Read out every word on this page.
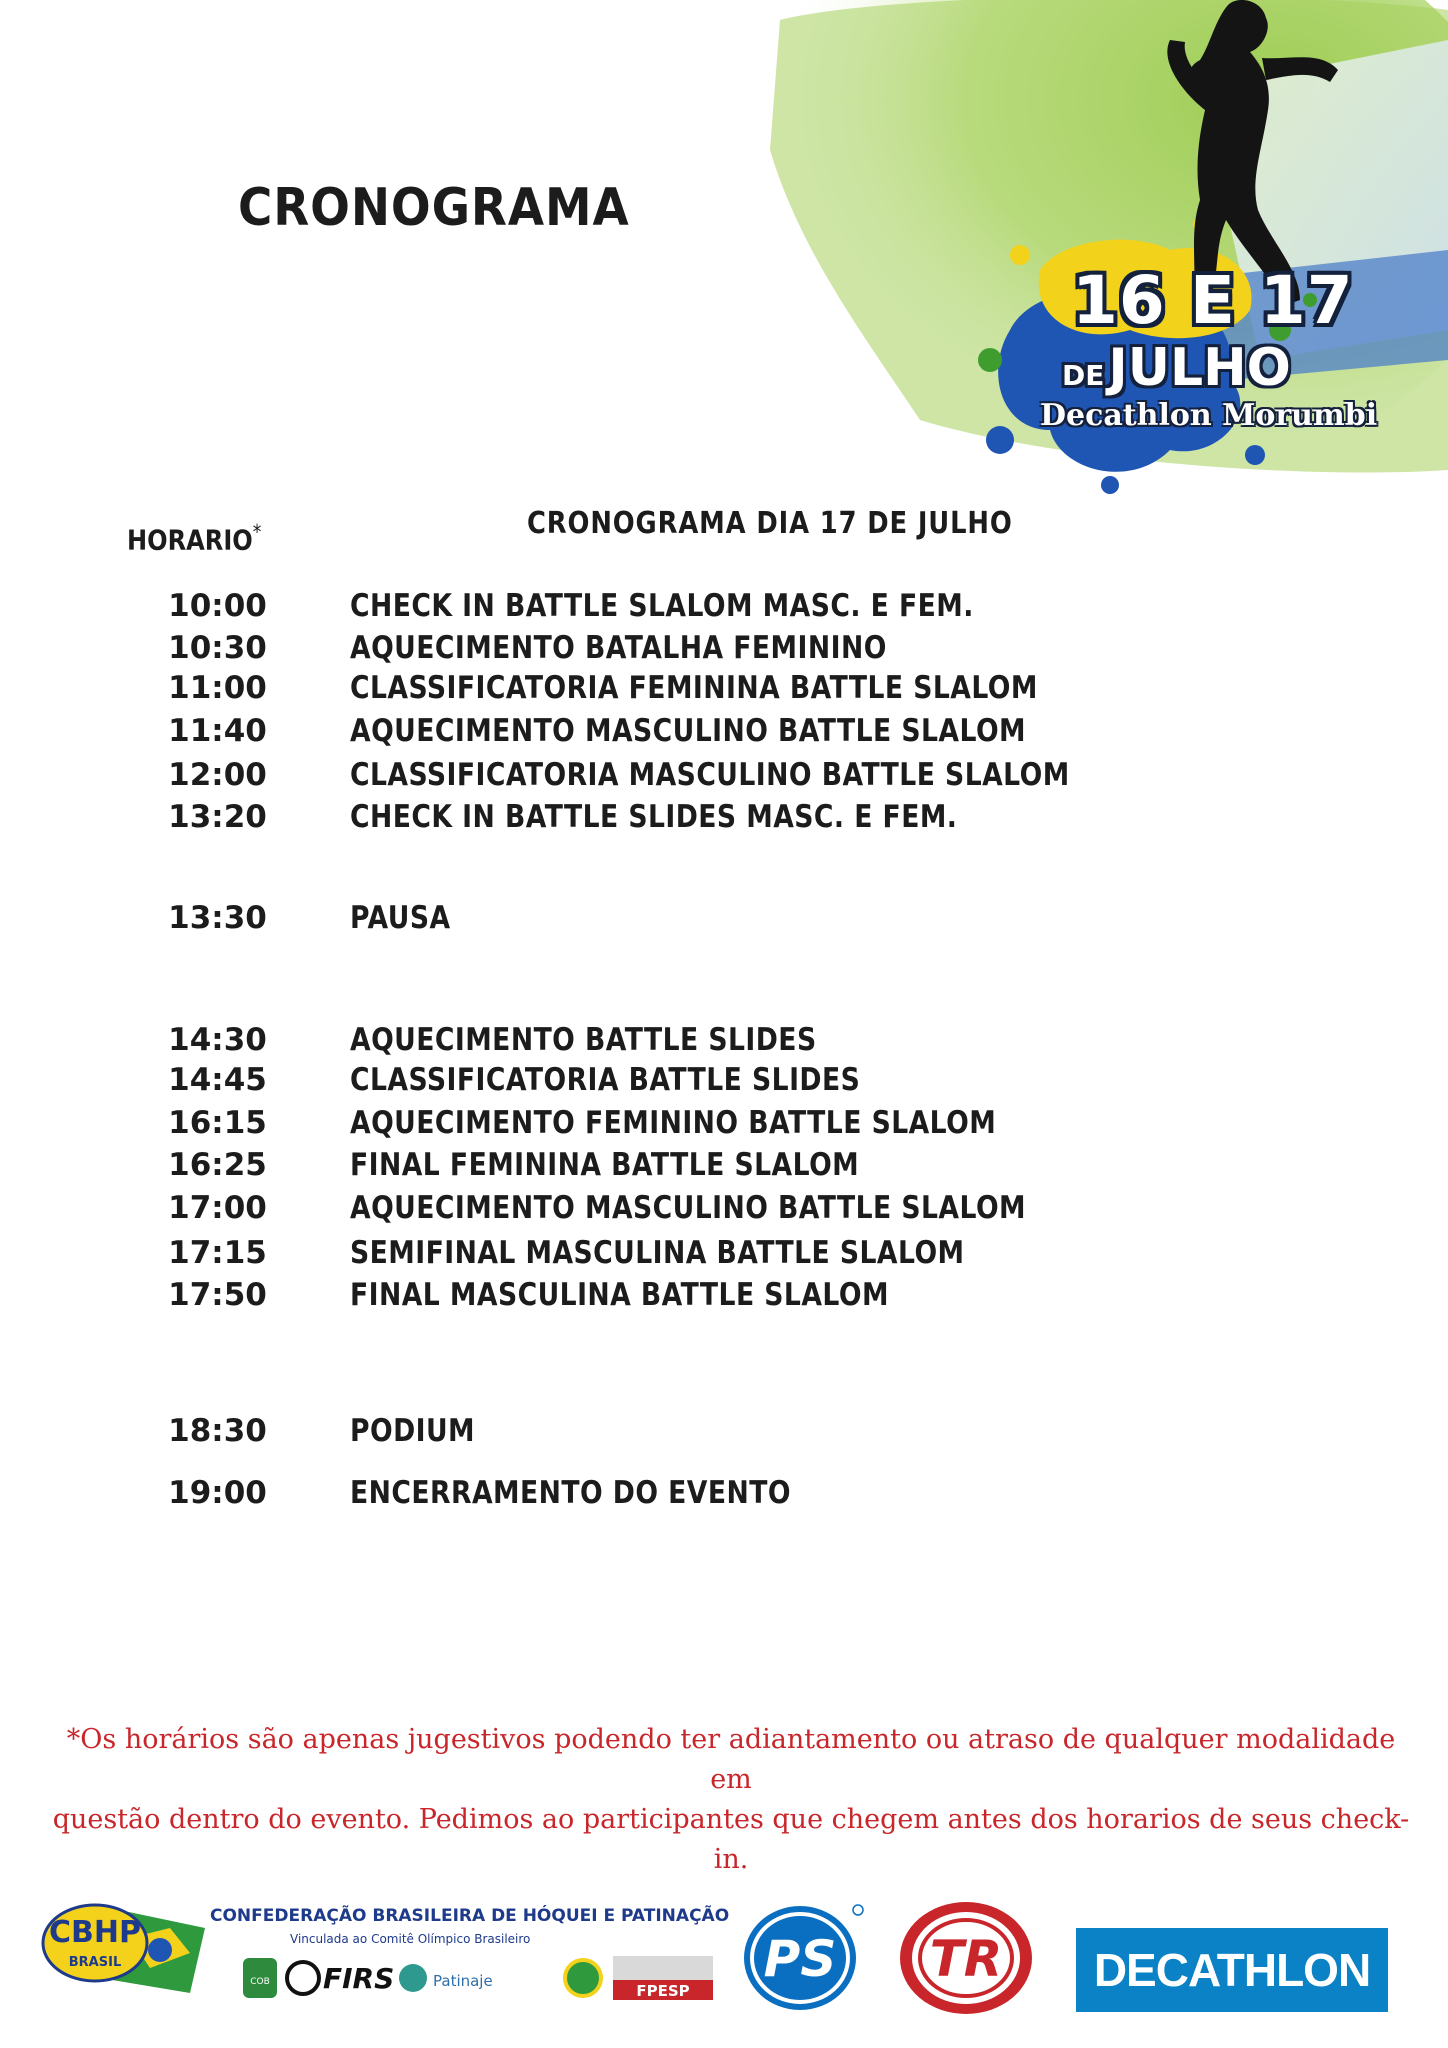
16 E 17
DEJULHO
Decathlon Morumbi
CRONOGRAMA
HORARIO*	CRONOGRAMA DIA 17 DE JULHO
10:00	CHECK IN BATTLE SLALOM MASC. E FEM.
10:30	AQUECIMENTO BATALHA FEMININO
11:00	CLASSIFICATORIA FEMININA BATTLE SLALOM
11:40	AQUECIMENTO MASCULINO BATTLE SLALOM
12:00	CLASSIFICATORIA MASCULINO BATTLE SLALOM
13:20	CHECK IN BATTLE SLIDES MASC. E FEM.
13:30	PAUSA
14:30	AQUECIMENTO BATTLE SLIDES
14:45	CLASSIFICATORIA BATTLE SLIDES
16:15	AQUECIMENTO FEMININO BATTLE SLALOM
16:25	FINAL FEMININA BATTLE SLALOM
17:00	AQUECIMENTO MASCULINO BATTLE SLALOM
17:15	SEMIFINAL MASCULINA BATTLE SLALOM
17:50	FINAL MASCULINA BATTLE SLALOM
18:30	PODIUM
19:00	ENCERRAMENTO DO EVENTO
*Os horários são apenas jugestivos podendo ter adiantamento ou atraso de qualquer modalidade em
questão dentro do evento. Pedimos ao participantes que chegem antes dos horarios de seus check-in.
CBHP
BRASIL
CONFEDERAÇÃO BRASILEIRA DE HÓQUEI E PATINAÇÃO
Vinculada ao Comitê Olímpico Brasileiro
COB FIRS	Patinaje
FPESP
PS TR	DECATHLON
